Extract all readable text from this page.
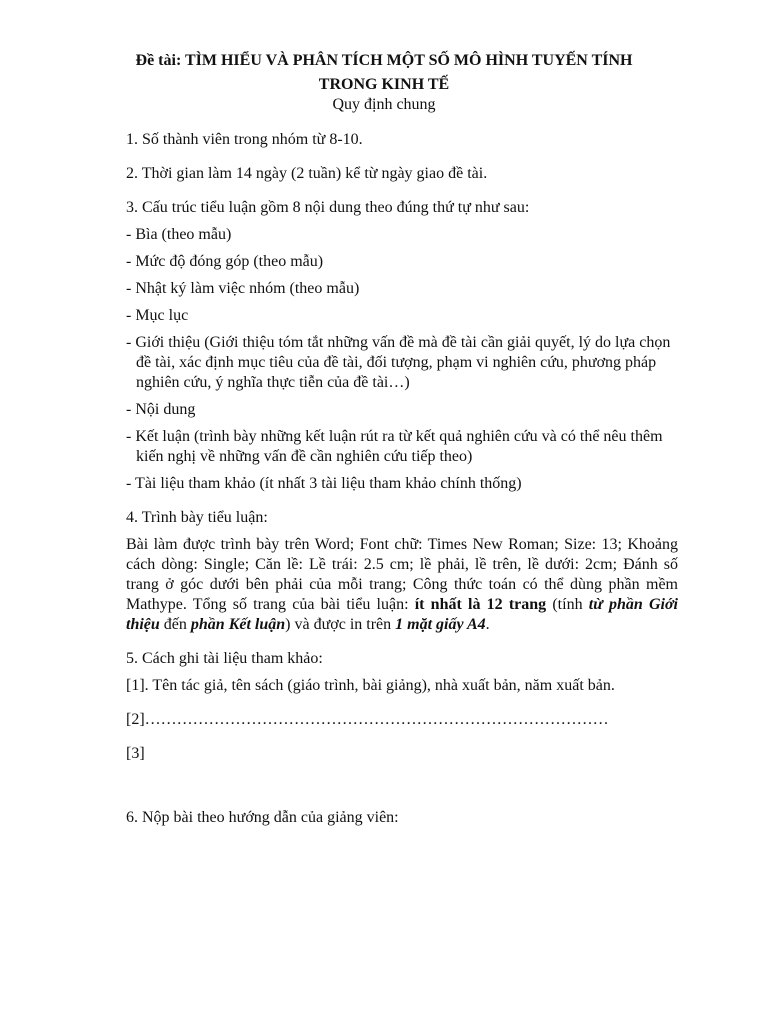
Đề tài: TÌM HIỂU VÀ PHÂN TÍCH MỘT SỐ MÔ HÌNH TUYẾN TÍNH
TRONG KINH TẾ
Quy định chung

1. Số thành viên trong nhóm từ 8-10.

2. Thời gian làm 14 ngày (2 tuần) kể từ ngày giao đề tài.

3. Cấu trúc tiểu luận gồm 8 nội dung theo đúng thứ tự như sau:

- Bìa (theo mẫu)

- Mức độ đóng góp (theo mẫu)

- Nhật ký làm việc nhóm (theo mẫu)

- Mục lục

- Giới thiệu (Giới thiệu tóm tắt những vấn đề mà đề tài cần giải quyết, lý do lựa chọn đề tài, xác định mục tiêu của đề tài, đối tượng, phạm vi nghiên cứu, phương pháp nghiên cứu, ý nghĩa thực tiễn của đề tài…)

- Nội dung

- Kết luận (trình bày những kết luận rút ra từ kết quả nghiên cứu và có thể nêu thêm kiến nghị về những vấn đề cần nghiên cứu tiếp theo)

- Tài liệu tham khảo (ít nhất 3 tài liệu tham khảo chính thống)

4. Trình bày tiểu luận:

Bài làm được trình bày trên Word; Font chữ: Times New Roman; Size: 13; Khoảng cách dòng: Single; Căn lề: Lề trái: 2.5 cm; lề phải, lề trên, lề dưới: 2cm; Đánh số trang ở góc dưới bên phải của mỗi trang; Công thức toán có thể dùng phần mềm Mathype. Tổng số trang của bài tiểu luận: ít nhất là 12 trang (tính từ phần Giới thiệu đến phần Kết luận) và được in trên 1 mặt giấy A4.

5. Cách ghi tài liệu tham khảo:

[1]. Tên tác giả, tên sách (giáo trình, bài giảng), nhà xuất bản, năm xuất bản.

[2]……………………………………………………………………………

[3]

6. Nộp bài theo hướng dẫn của giảng viên:
